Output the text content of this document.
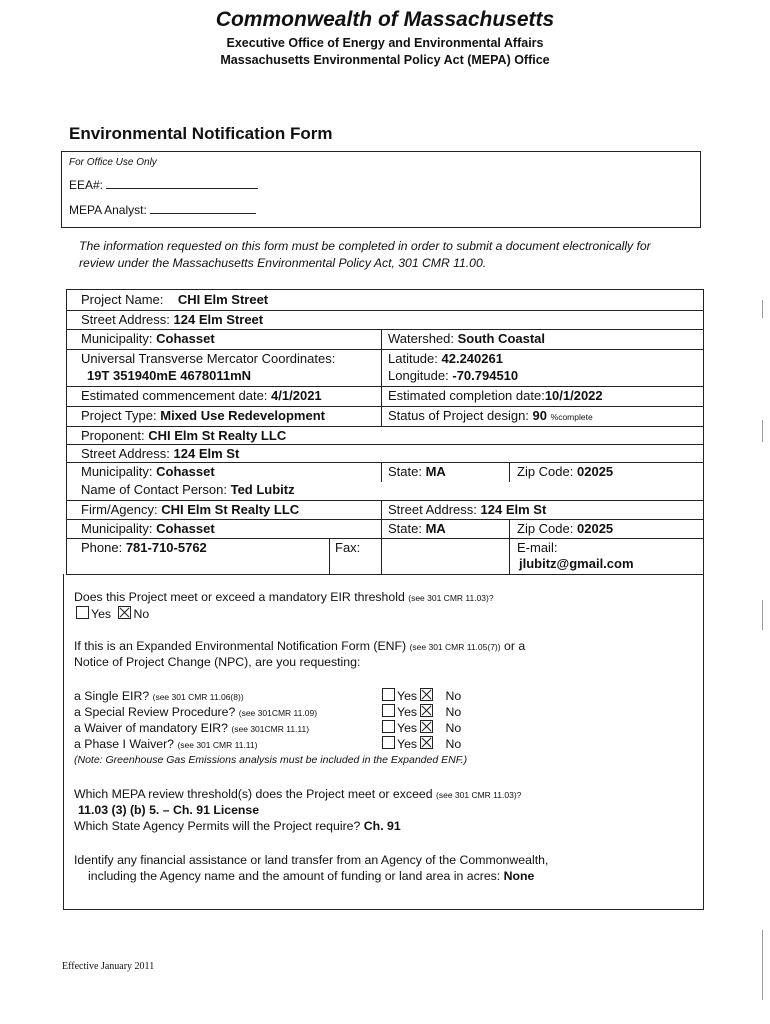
Commonwealth of Massachusetts
Executive Office of Energy and Environmental Affairs
Massachusetts Environmental Policy Act (MEPA) Office
Environmental Notification Form
For Office Use Only
EEA#:
MEPA Analyst:
The information requested on this form must be completed in order to submit a document electronically for review under the Massachusetts Environmental Policy Act, 301 CMR 11.00.
Project Name: CHI Elm Street
Street Address: 124 Elm Street
Municipality: Cohasset	Watershed: South Coastal
Universal Transverse Mercator Coordinates:
19T 351940mE 4678011mN
Latitude: 42.240261
Longitude: -70.794510
Estimated commencement date: 4/1/2021	Estimated completion date:10/1/2022
Project Type: Mixed Use Redevelopment	Status of Project design: 90 %complete
Proponent: CHI Elm St Realty LLC
Street Address: 124 Elm St
Municipality: Cohasset	State: MA	Zip Code: 02025
Name of Contact Person: Ted Lubitz
Firm/Agency: CHI Elm St Realty LLC	Street Address: 124 Elm St
Municipality: Cohasset	State: MA	Zip Code: 02025
Phone: 781-710-5762	Fax:	E-mail:
jlubitz@gmail.com
Does this Project meet or exceed a mandatory EIR threshold (see 301 CMR 11.03)?
Yes No
If this is an Expanded Environmental Notification Form (ENF) (see 301 CMR 11.05(7)) or a
Notice of Project Change (NPC), are you requesting:
a Single EIR? (see 301 CMR 11.06(8))	Yes No
a Special Review Procedure? (see 301CMR 11.09)	Yes No
a Waiver of mandatory EIR? (see 301CMR 11.11)	Yes No
a Phase I Waiver? (see 301 CMR 11.11)	Yes No
(Note: Greenhouse Gas Emissions analysis must be included in the Expanded ENF.)
Which MEPA review threshold(s) does the Project meet or exceed (see 301 CMR 11.03)?
11.03 (3) (b) 5. – Ch. 91 License
Which State Agency Permits will the Project require? Ch. 91
Identify any financial assistance or land transfer from an Agency of the Commonwealth,
including the Agency name and the amount of funding or land area in acres: None
Effective January 2011
